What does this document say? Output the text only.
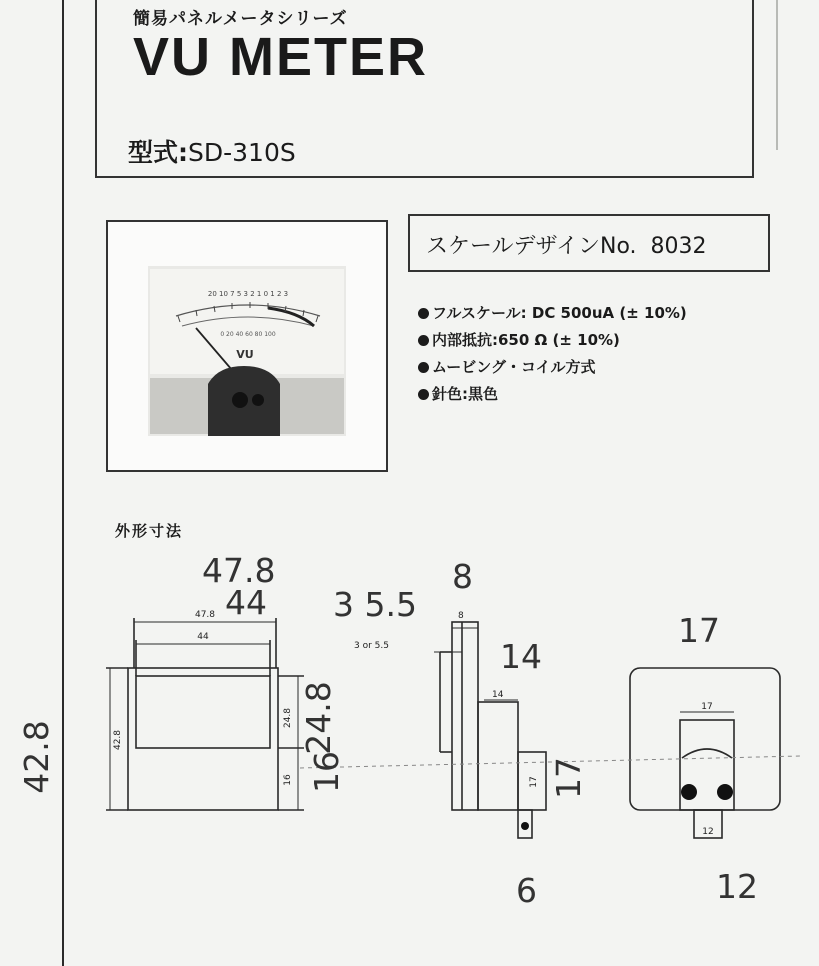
簡易パネルメータシリーズ
VU METER
型式:SD-310S
20 10 7 5 3 2 1 0 1 2 3
0 20 40 60 80 100
VU
スケールデザインNo. 8032
フルスケール: DC 500uA (± 10%)
内部抵抗:650 Ω (± 10%)
ムービング・コイル方式
針色:黒色
外形寸法
47.8
44
42.8
24.8
16
3 or 5.5
8
14
17
17
12
47.8
44
42.8
24.8
16
3 5.5
8
14
17
6
17
12
